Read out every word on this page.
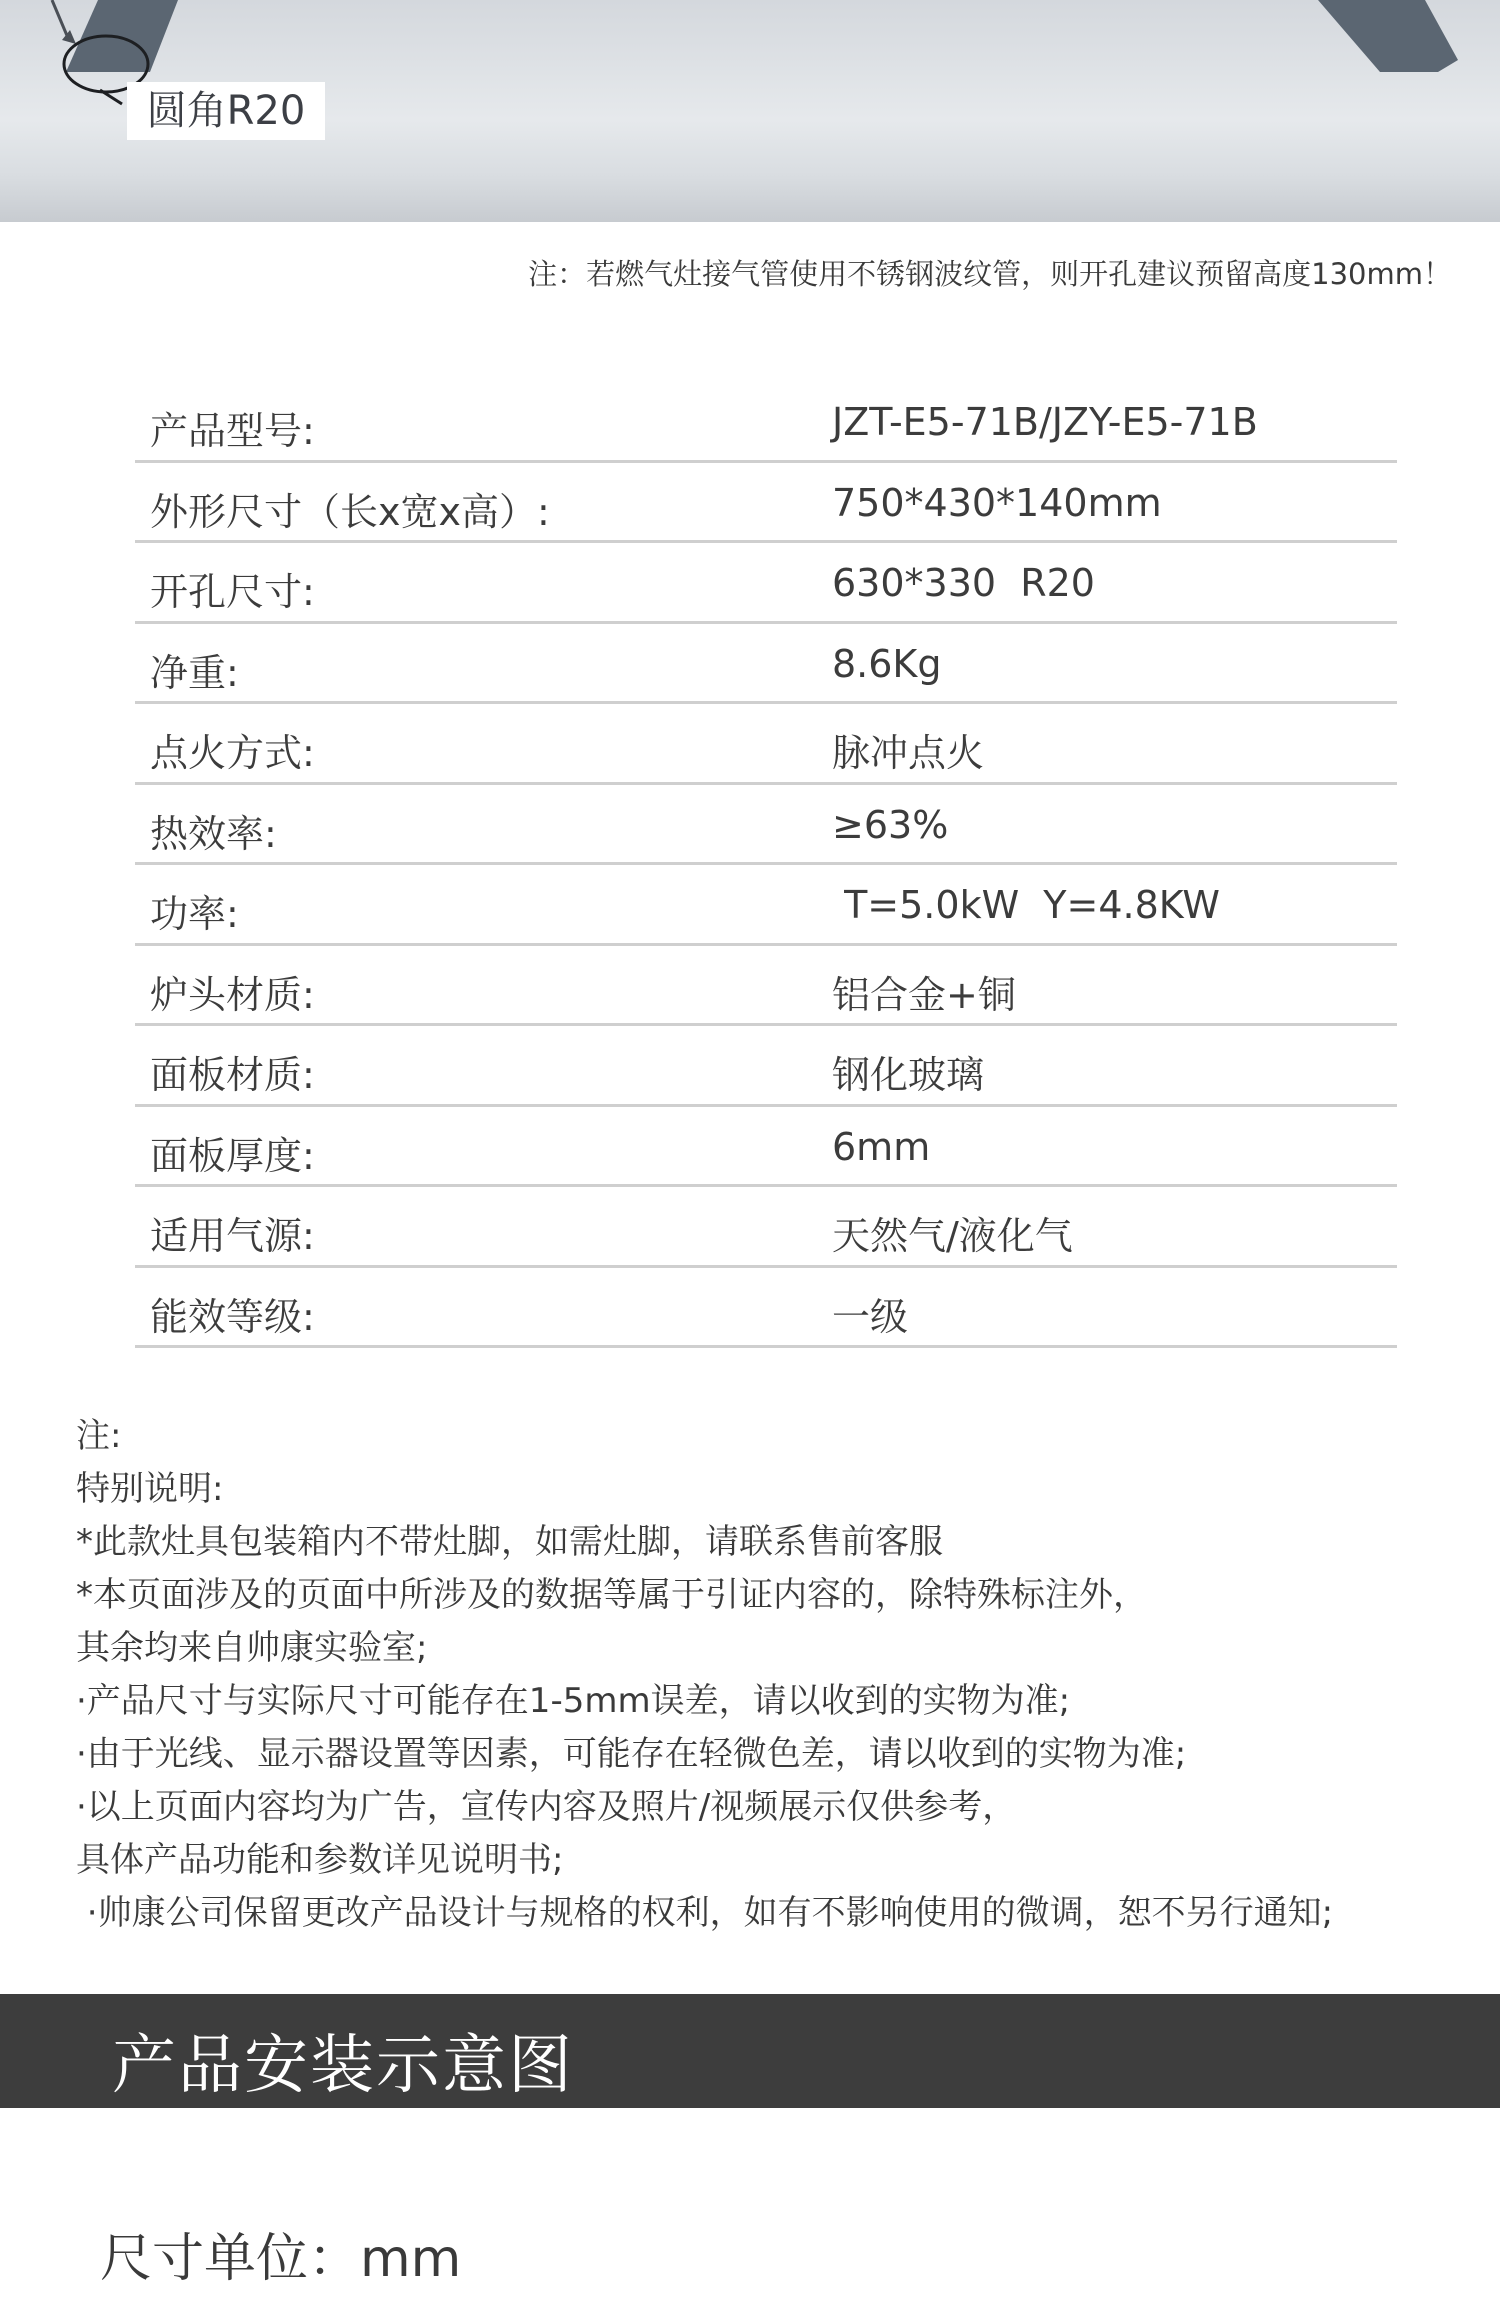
圆角R20
注：若燃气灶接气管使用不锈钢波纹管，则开孔建议预留高度130mm！
产品型号:	JZT-E5-71B/JZY-E5-71B
外形尺寸（长x宽x高）:	750*430*140mm
开孔尺寸:	630*330  R20
净重:	8.6Kg
点火方式:	脉冲点火
热效率:	≥63%
功率:	T=5.0kW  Y=4.8KW
炉头材质:	铝合金+铜
面板材质:	钢化玻璃
面板厚度:	6mm
适用气源:	天然气/液化气
能效等级:	一级
注:
特别说明:
*此款灶具包装箱内不带灶脚，如需灶脚，请联系售前客服
*本页面涉及的页面中所涉及的数据等属于引证内容的，除特殊标注外，
其余均来自帅康实验室;
·产品尺寸与实际尺寸可能存在1-5mm误差，请以收到的实物为准;
·由于光线、显示器设置等因素，可能存在轻微色差，请以收到的实物为准;
·以上页面内容均为广告，宣传内容及照片/视频展示仅供参考，
具体产品功能和参数详见说明书;
·帅康公司保留更改产品设计与规格的权利，如有不影响使用的微调，恕不另行通知;
产品安装示意图
尺寸单位：mm
